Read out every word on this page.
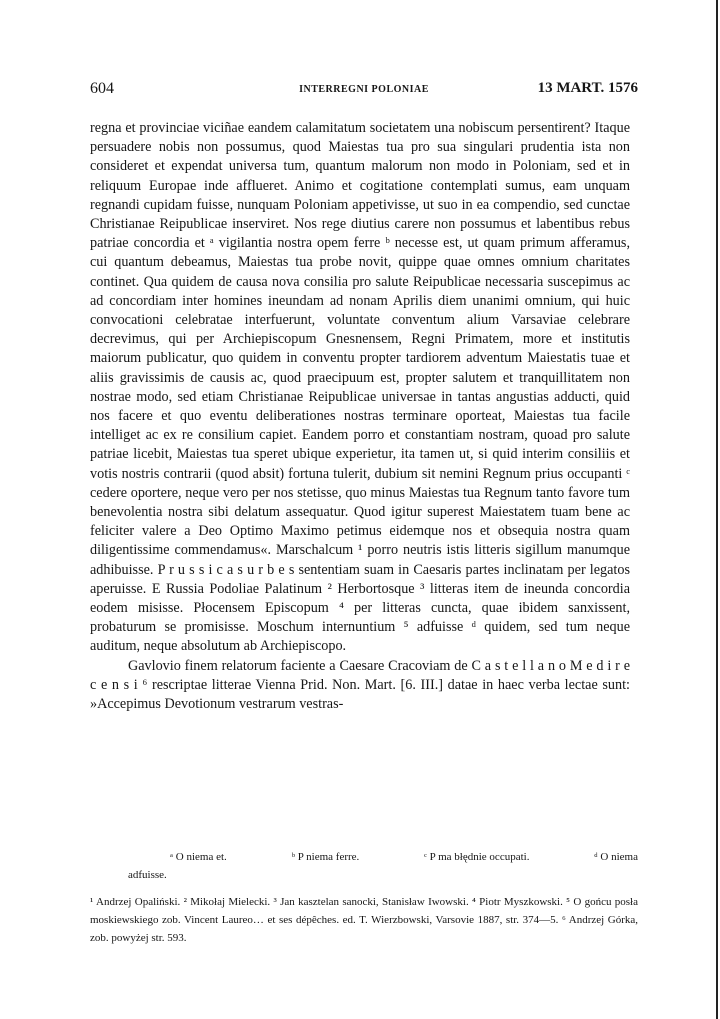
604	INTERREGNI POLONIAE	13 MART. 1576

regna et provinciae viciñae eandem calamitatum societatem una nobiscum persentirent? Itaque persuadere nobis non possumus, quod Maiestas tua pro sua singulari prudentia ista non consideret et expendat universa tum, quantum malorum non modo in Poloniam, sed et in reliquum Europae inde afflueret. Animo et cogitatione contemplati sumus, eam unquam regnandi cupidam fuisse, nunquam Poloniam appetivisse, ut suo in ea compendio, sed cunctae Christianae Reipublicae inserviret. Nos rege diutius carere non possumus et labentibus rebus patriae concordia et ᵃ vigilantia nostra opem ferre ᵇ necesse est, ut quam primum afferamus, cui quantum debeamus, Maiestas tua probe novit, quippe quae omnes omnium charitates continet. Qua quidem de causa nova consilia pro salute Reipublicae necessaria suscepimus ac ad concordiam inter homines ineundam ad nonam Aprilis diem unanimi omnium, qui huic convocationi celebratae interfuerunt, voluntate conventum alium Varsaviae celebrare decrevimus, qui per Archiepiscopum Gnesnensem, Regni Primatem, more et institutis maiorum publicatur, quo quidem in conventu propter tardiorem adventum Maiestatis tuae et aliis gravissimis de causis ac, quod praecipuum est, propter salutem et tranquillitatem non nostrae modo, sed etiam Christianae Reipublicae universae in tantas angustias adducti, quid nos facere et quo eventu deliberationes nostras terminare oporteat, Maiestas tua facile intelliget ac ex re consilium capiet. Eandem porro et constantiam nostram, quoad pro salute patriae licebit, Maiestas tua speret ubique experietur, ita tamen ut, si quid interim consiliis et votis nostris contrarii (quod absit) fortuna tulerit, dubium sit nemini Regnum prius occupanti ᶜ cedere oportere, neque vero per nos stetisse, quo minus Maiestas tua Regnum tanto favore tum benevolentia nostra sibi delatum assequatur. Quod igitur superest Maiestatem tuam bene ac feliciter valere a Deo Optimo Maximo petimus eidemque nos et obsequia nostra quam diligentissime commendamus«. Marschalcum ¹ porro neutris istis litteris sigillum manumque adhibuisse. P r u s s i c a s u r b e s sententiam suam in Caesaris partes inclinatam per legatos aperuisse. E Russia Podoliae Palatinum ² Herbortosque ³ litteras item de ineunda concordia eodem misisse. Płocensem Episcopum ⁴ per litteras cuncta, quae ibidem sanxissent, probaturum se promisisse. Moschum internuntium ⁵ adfuisse ᵈ quidem, sed tum neque auditum, neque absolutum ab Archiepiscopo.

Gavlovio finem relatorum faciente a Caesare Cracoviam de C a s t e l l a n o M e d i r e c e n s i ⁶ rescriptae litterae Vienna Prid. Non. Mart. [6. III.] datae in haec verba lectae sunt: »Accepimus Devotionum vestrarum vestras-

ᵃ O niema et.	ᵇ P niema ferre.	ᶜ P ma błędnie occupati.	ᵈ O niema
adfuisse.

¹ Andrzej Opaliński. ² Mikołaj Mielecki. ³ Jan kasztelan sanocki, Stanisław Iwowski. ⁴ Piotr Myszkowski. ⁵ O gońcu posła moskiewskiego zob. Vincent Laureo… et ses dépêches. ed. T. Wierzbowski, Varsovie 1887, str. 374—5. ⁶ Andrzej Górka, zob. powyżej str. 593.
